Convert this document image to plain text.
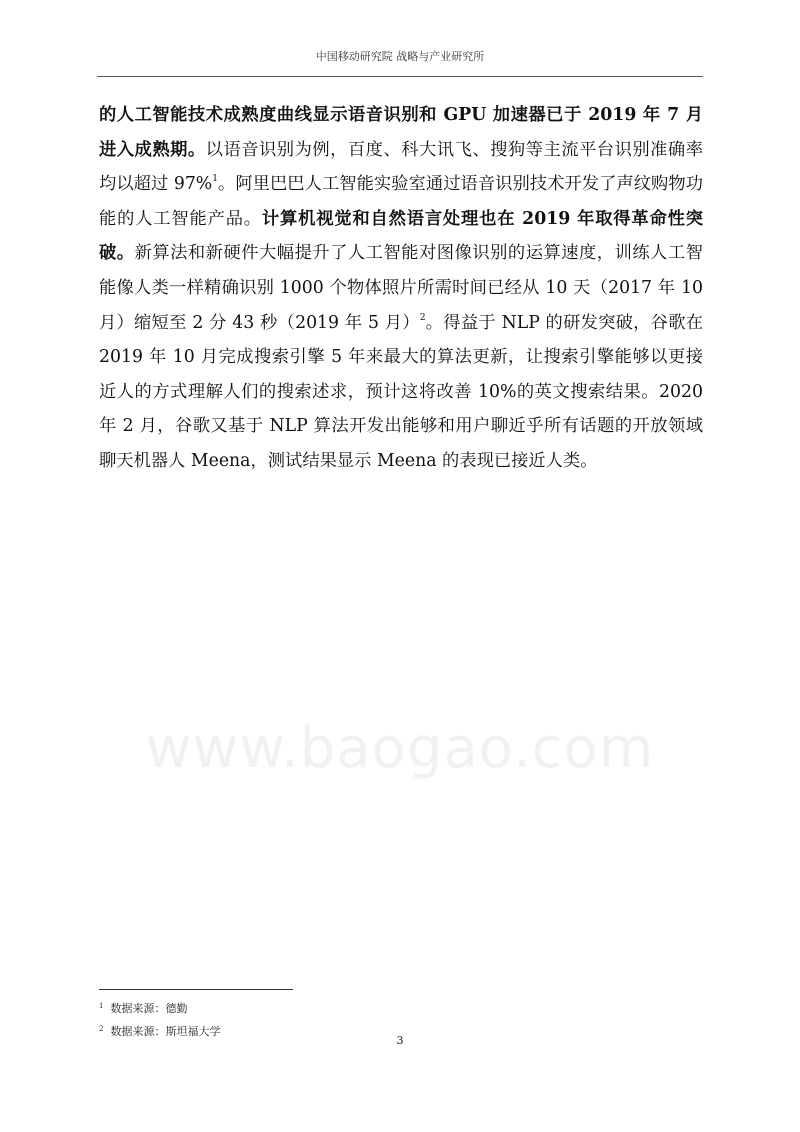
中国移动研究院 战略与产业研究所
的人工智能技术成熟度曲线显示语音识别和 GPU 加速器已于 2019 年 7 月进入成熟期。以语音识别为例，百度、科大讯飞、搜狗等主流平台识别准确率均以超过 97%$^1$。阿里巴巴人工智能实验室通过语音识别技术开发了声纹购物功能的人工智能产品。计算机视觉和自然语言处理也在 2019 年取得革命性突破。新算法和新硬件大幅提升了人工智能对图像识别的运算速度，训练人工智能像人类一样精确识别 1000 个物体照片所需时间已经从 10 天（2017 年 10 月）缩短至 2 分 43 秒（2019 年 5 月）$^2$。得益于 NLP 的研发突破，谷歌在 2019 年 10 月完成搜索引擎 5 年来最大的算法更新，让搜索引擎能够以更接近人的方式理解人们的搜索述求，预计这将改善 10%的英文搜索结果。2020 年 2 月，谷歌又基于 NLP 算法开发出能够和用户聊近乎所有话题的开放领域聊天机器人 Meena，测试结果显示 Meena 的表现已接近人类。
www.baogao.com
$^1$ 数据来源：德勤
$^2$ 数据来源：斯坦福大学
3
